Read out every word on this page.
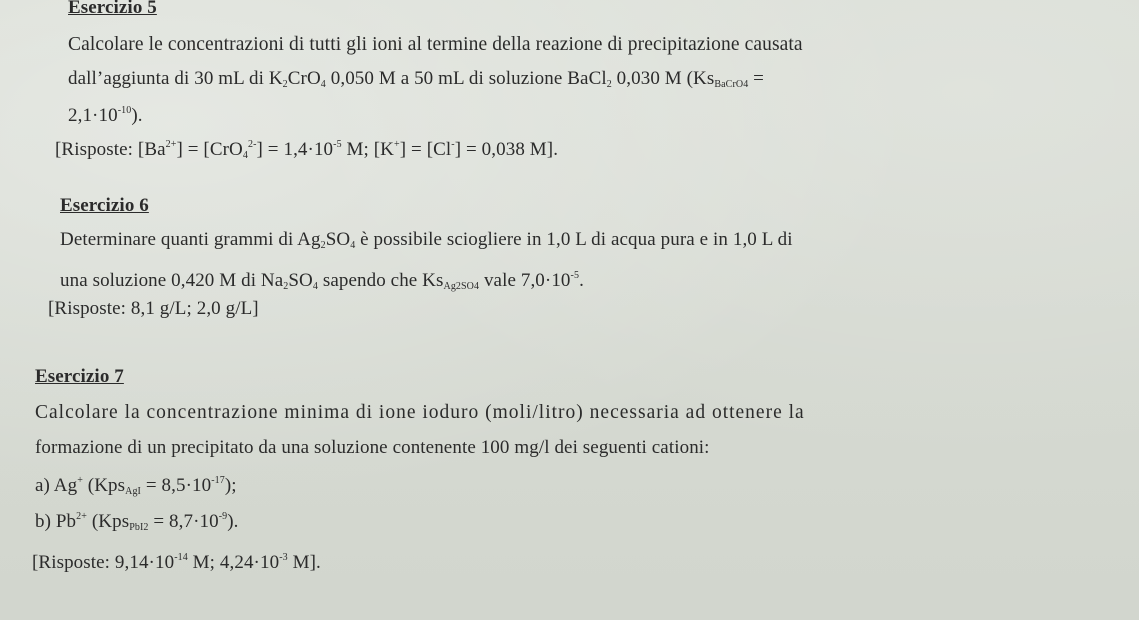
Esercizio 5
Calcolare le concentrazioni di tutti gli ioni al termine della reazione di precipitazione causata
dall’aggiunta di 30 mL di $K_2CrO_4$ 0,050 M a 50 mL di soluzione BaCl$_2$ 0,030 M (KsBaCrO4 =
$2,1\cdot 10^{-10}$).
[Risposte: $[Ba^{2+}] = [CrO_4^{2-}] = 1,4\cdot 10^{-5}$ M; [K+] = [Cl-] = 0,038 M].
Esercizio 6
Determinare quanti grammi di $Ag_2SO_4$ è possibile sciogliere in 1,0 L di acqua pura e in 1,0 L di
una soluzione 0,420 M di $Na_2SO_4$ sapendo che KsAg2SO4 vale $7,0\cdot 10^{-5}$.
[Risposte: 8,1 g/L; 2,0 g/L]
Esercizio 7
Calcolare la concentrazione minima di ione ioduro (moli/litro) necessaria ad ottenere la
formazione di un precipitato da una soluzione contenente 100 mg/l dei seguenti cationi:
a) Ag+ (KpsAgI = $8,5\cdot 10^{-17}$);
b) $Pb^{2+}$ (KpsPbI2 = $8,7\cdot 10^{-9}$).
[Risposte: $9,14\cdot 10^{-14}$ M; $4,24\cdot 10^{-3}$ M].
